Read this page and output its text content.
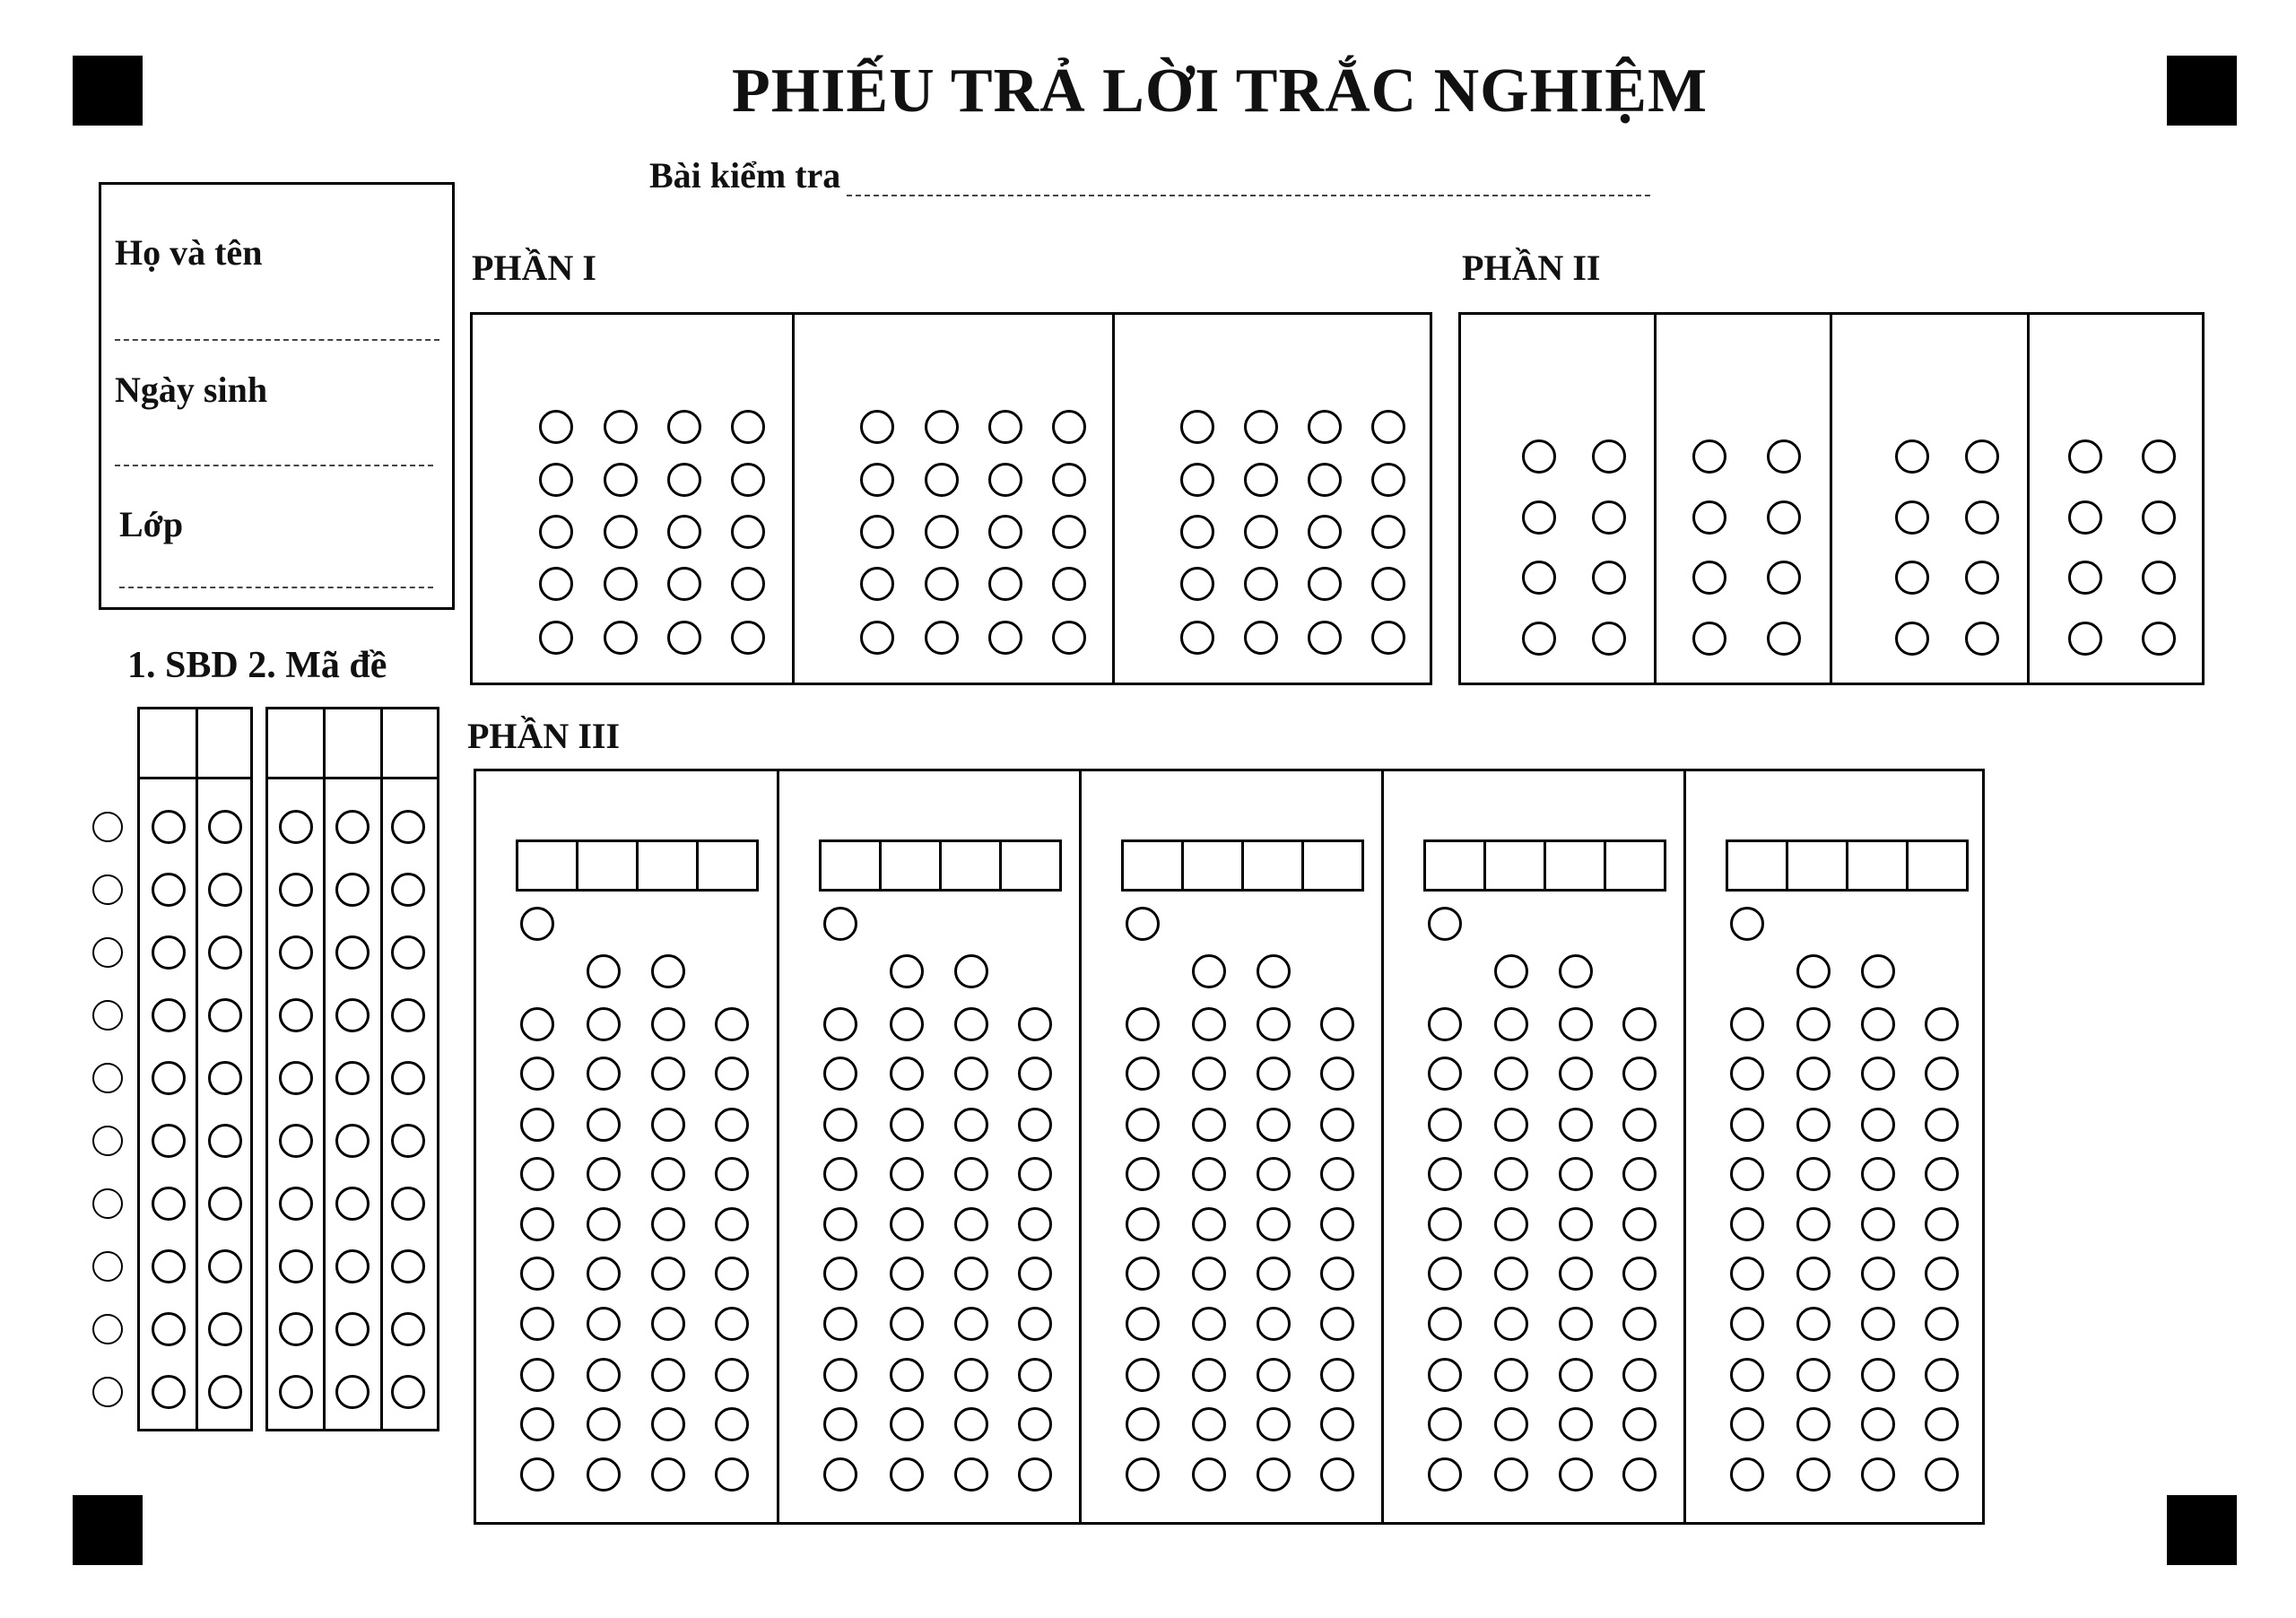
PHIẾU TRẢ LỜI TRẮC NGHIỆM
Bài kiểm tra
Họ và tên
Ngày sinh
Lớp
1. SBD 2. Mã đề
PHẦN I	PHẦN II
PHẦN III
